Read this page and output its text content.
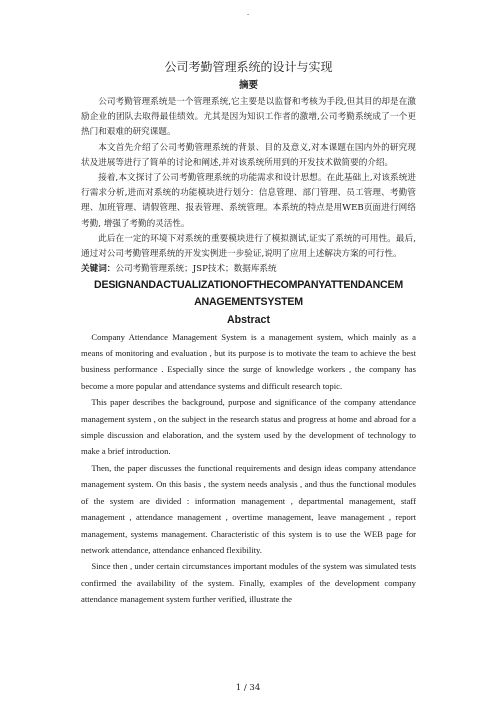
.
公司考勤管理系统的设计与实现
摘要

公司考勤管理系统是一个管理系统,它主要是以监督和考核为手段,但其目的却是在激励企业的团队去取得最佳绩效。尤其是因为知识工作者的激增,公司考勤系统成了一个更热门和艰难的研究课题。

本文首先介绍了公司考勤管理系统的背景、目的及意义,对本课题在国内外的研究现状及进展等进行了简单的讨论和阐述,并对该系统所用到的开发技术做简要的介绍。

接着,本文探讨了公司考勤管理系统的功能需求和设计思想。在此基础上,对该系统进行需求分析,进而对系统的功能模块进行划分：信息管理、部门管理、员工管理、考勤管理、加班管理、请假管理、报表管理、系统管理。本系统的特点是用WEB页面进行网络考勤, 增强了考勤的灵活性。

此后在一定的环境下对系统的重要模块进行了模拟测试,证实了系统的可用性。最后,通过对公司考勤管理系统的开发实例进一步验证,说明了应用上述解决方案的可行性。

关键词：公司考勤管理系统；JSP技术；数据库系统

DESIGNANDACTUALIZATIONOFTHECOMPANYATTENDANCEM
ANAGEMENTSYSTEM
Abstract

Company Attendance Management System is a management system, which mainly as a means of monitoring and evaluation , but its purpose is to motivate the team to achieve the best business performance . Especially since the surge of knowledge workers , the company has become a more popular and attendance systems and difficult research topic.

This paper describes the background, purpose and significance of the company attendance management system , on the subject in the research status and progress at home and abroad for a simple discussion and elaboration, and the system used by the development of technology to make a brief introduction.

Then, the paper discusses the functional requirements and design ideas company attendance management system. On this basis , the system needs analysis , and thus the functional modules of the system are divided : information management , departmental management, staff management , attendance management , overtime management, leave management , report management, systems management. Characteristic of this system is to use the WEB page for network attendance, attendance enhanced flexibility.

Since then , under certain circumstances important modules of the system was simulated tests confirmed the availability of the system. Finally, examples of the development company attendance management system further verified, illustrate the

1 / 34
